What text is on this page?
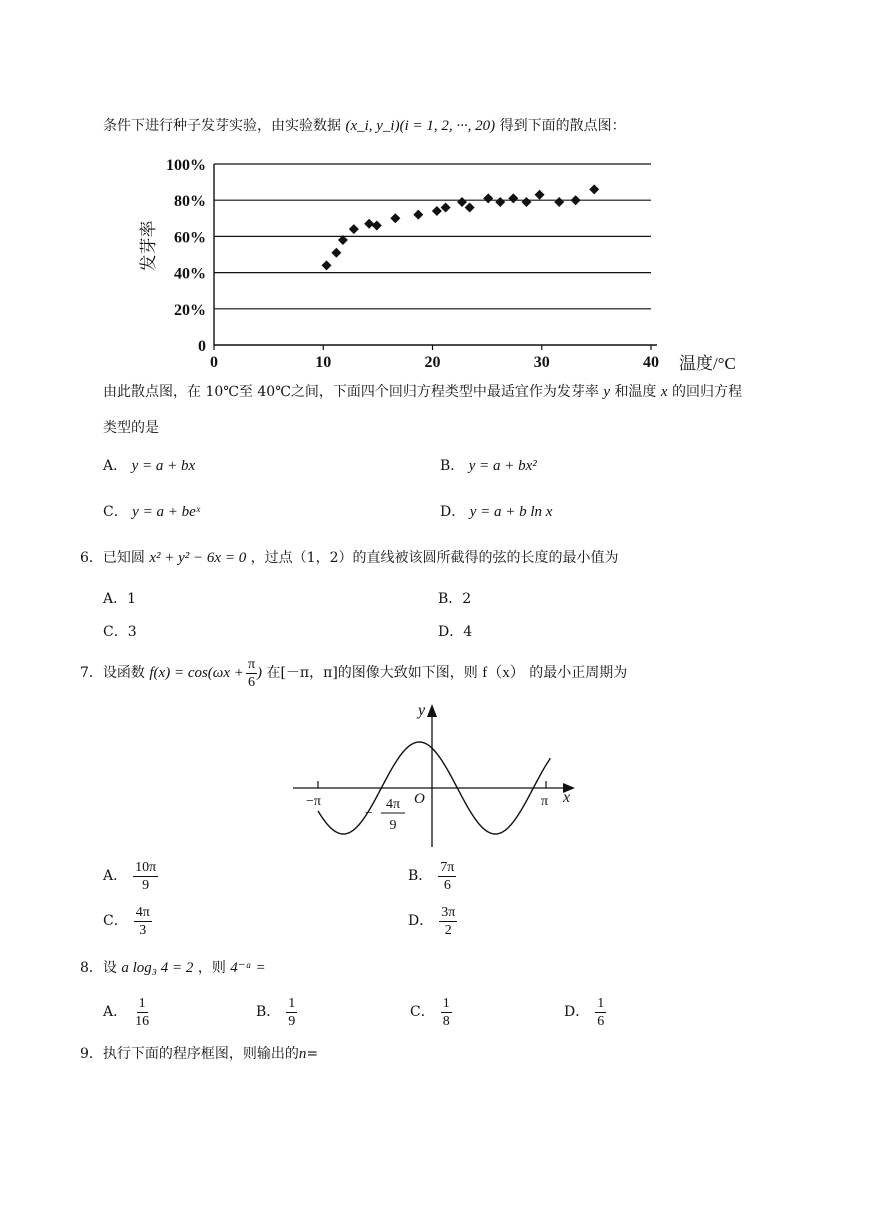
条件下进行种子发芽实验，由实验数据 (x_i, y_i)(i = 1, 2, ···, 20) 得到下面的散点图：
0
20%
40%
60%
80%
100%
0	10	20	30	40 温度/°C
发芽率
由此散点图，在 10℃至 40℃之间，下面四个回归方程类型中最适宜作为发芽率 y 和温度 x 的回归方程
类型的是
A． y = a + bx	B． y = a + bx²
C． y = a + beˣ	D． y = a + b ln x
6．已知圆 x² + y² − 6x = 0 ，过点（1，2）的直线被该圆所截得的弦的长度的最小值为
A．1	B．2
C．3	D．4
7．设函数 $f(x) = \cos(\omega x + \frac{\pi}{6}$ ) 在[－π，π]的图像大致如下图，则 f（x） 的最小正周期为
y
x
O
−π	π
−
4π
9
A． $\frac{10\pi}{9}$	B． $\frac{7\pi}{6}$
C． $\frac{4\pi}{3}$	D． $\frac{3\pi}{2}$
8．设 a log₃ 4 = 2 ，则 4⁻ᵃ =
A． $\frac{1}{16}$	B． $\frac{1}{9}$	C． $\frac{1}{8}$	D． $\frac{1}{6}$
9．执行下面的程序框图，则输出的n=
